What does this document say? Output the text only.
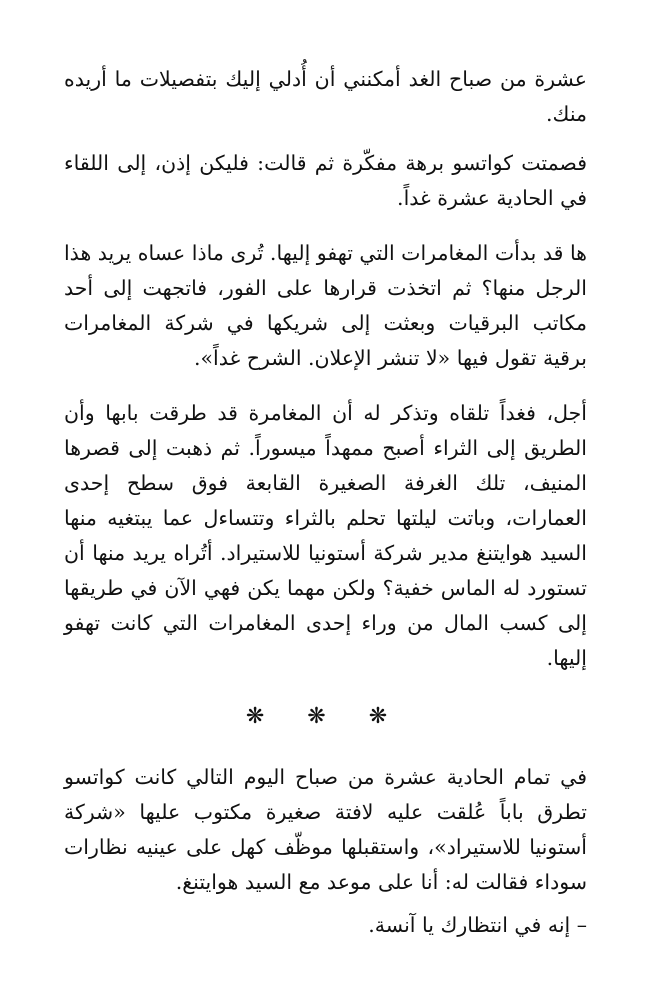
عشرة من صباح الغد أمكنني أن أُدلي إليك بتفصيلات ما أريده منك.

فصمتت كواتسو برهة مفكّرة ثم قالت: فليكن إذن، إلى اللقاء في الحادية عشرة غداً.

ها قد بدأت المغامرات التي تهفو إليها. تُرى ماذا عساه يريد هذا الرجل منها؟ ثم اتخذت قرارها على الفور، فاتجهت إلى أحد مكاتب البرقيات وبعثت إلى شريكها في شركة المغامرات برقية تقول فيها «لا تنشر الإعلان. الشرح غداً».

أجل، فغداً تلقاه وتذكر له أن المغامرة قد طرقت بابها وأن الطريق إلى الثراء أصبح ممهداً ميسوراً. ثم ذهبت إلى قصرها المنيف، تلك الغرفة الصغيرة القابعة فوق سطح إحدى العمارات، وباتت ليلتها تحلم بالثراء وتتساءل عما يبتغيه منها السيد هوايتنغ مدير شركة أستونيا للاستيراد. أتُراه يريد منها أن تستورد له الماس خفية؟ ولكن مهما يكن فهي الآن في طريقها إلى كسب المال من وراء إحدى المغامرات التي كانت تهفو إليها.

❋ ❋ ❋

في تمام الحادية عشرة من صباح اليوم التالي كانت كواتسو تطرق باباً عُلقت عليه لافتة صغيرة مكتوب عليها «شركة أستونيا للاستيراد»، واستقبلها موظّف كهل على عينيه نظارات سوداء فقالت له: أنا على موعد مع السيد هوايتنغ.

– إنه في انتظارك يا آنسة.
